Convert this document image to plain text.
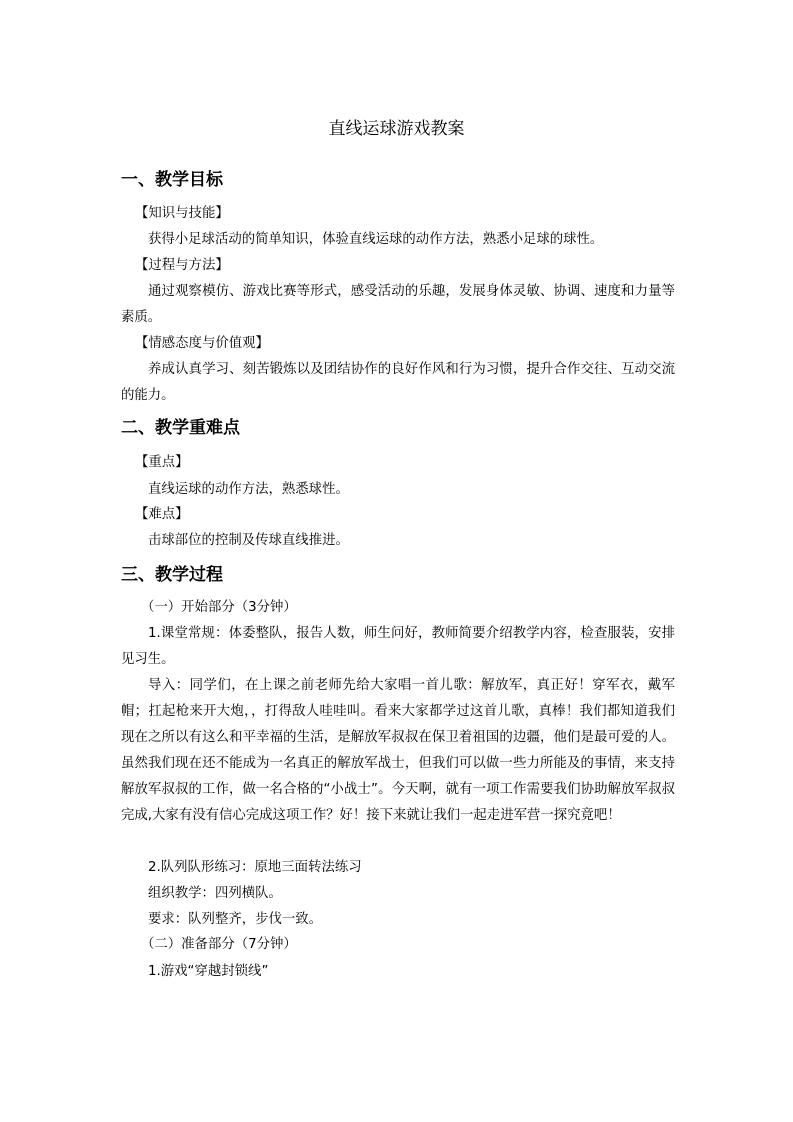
直线运球游戏教案
一、教学目标
【知识与技能】
获得小足球活动的简单知识，体验直线运球的动作方法，熟悉小足球的球性。
【过程与方法】

通过观察模仿、游戏比赛等形式，感受活动的乐趣，发展身体灵敏、协调、速度和力量等素质。

【情感态度与价值观】

养成认真学习、刻苦锻炼以及团结协作的良好作风和行为习惯，提升合作交往、互动交流的能力。

二、教学重难点
【重点】
直线运球的动作方法，熟悉球性。
【难点】
击球部位的控制及传球直线推进。
三、教学过程
（一）开始部分（3分钟）

1.课堂常规：体委整队，报告人数，师生问好，教师简要介绍教学内容，检查服装，安排见习生。

导入：同学们，在上课之前老师先给大家唱一首儿歌：解放军，真正好！穿军衣，戴军帽；扛起枪来开大炮，，打得敌人哇哇叫。看来大家都学过这首儿歌，真棒！我们都知道我们现在之所以有这么和平幸福的生活，是解放军叔叔在保卫着祖国的边疆，他们是最可爱的人。虽然我们现在还不能成为一名真正的解放军战士，但我们可以做一些力所能及的事情，来支持解放军叔叔的工作，做一名合格的“小战士”。今天啊，就有一项工作需要我们协助解放军叔叔完成,大家有没有信心完成这项工作？好！接下来就让我们一起走进军营一探究竟吧！

2.队列队形练习：原地三面转法练习
组织教学：四列横队。
要求：队列整齐，步伐一致。
（二）准备部分（7分钟）
1.游戏“穿越封锁线”
